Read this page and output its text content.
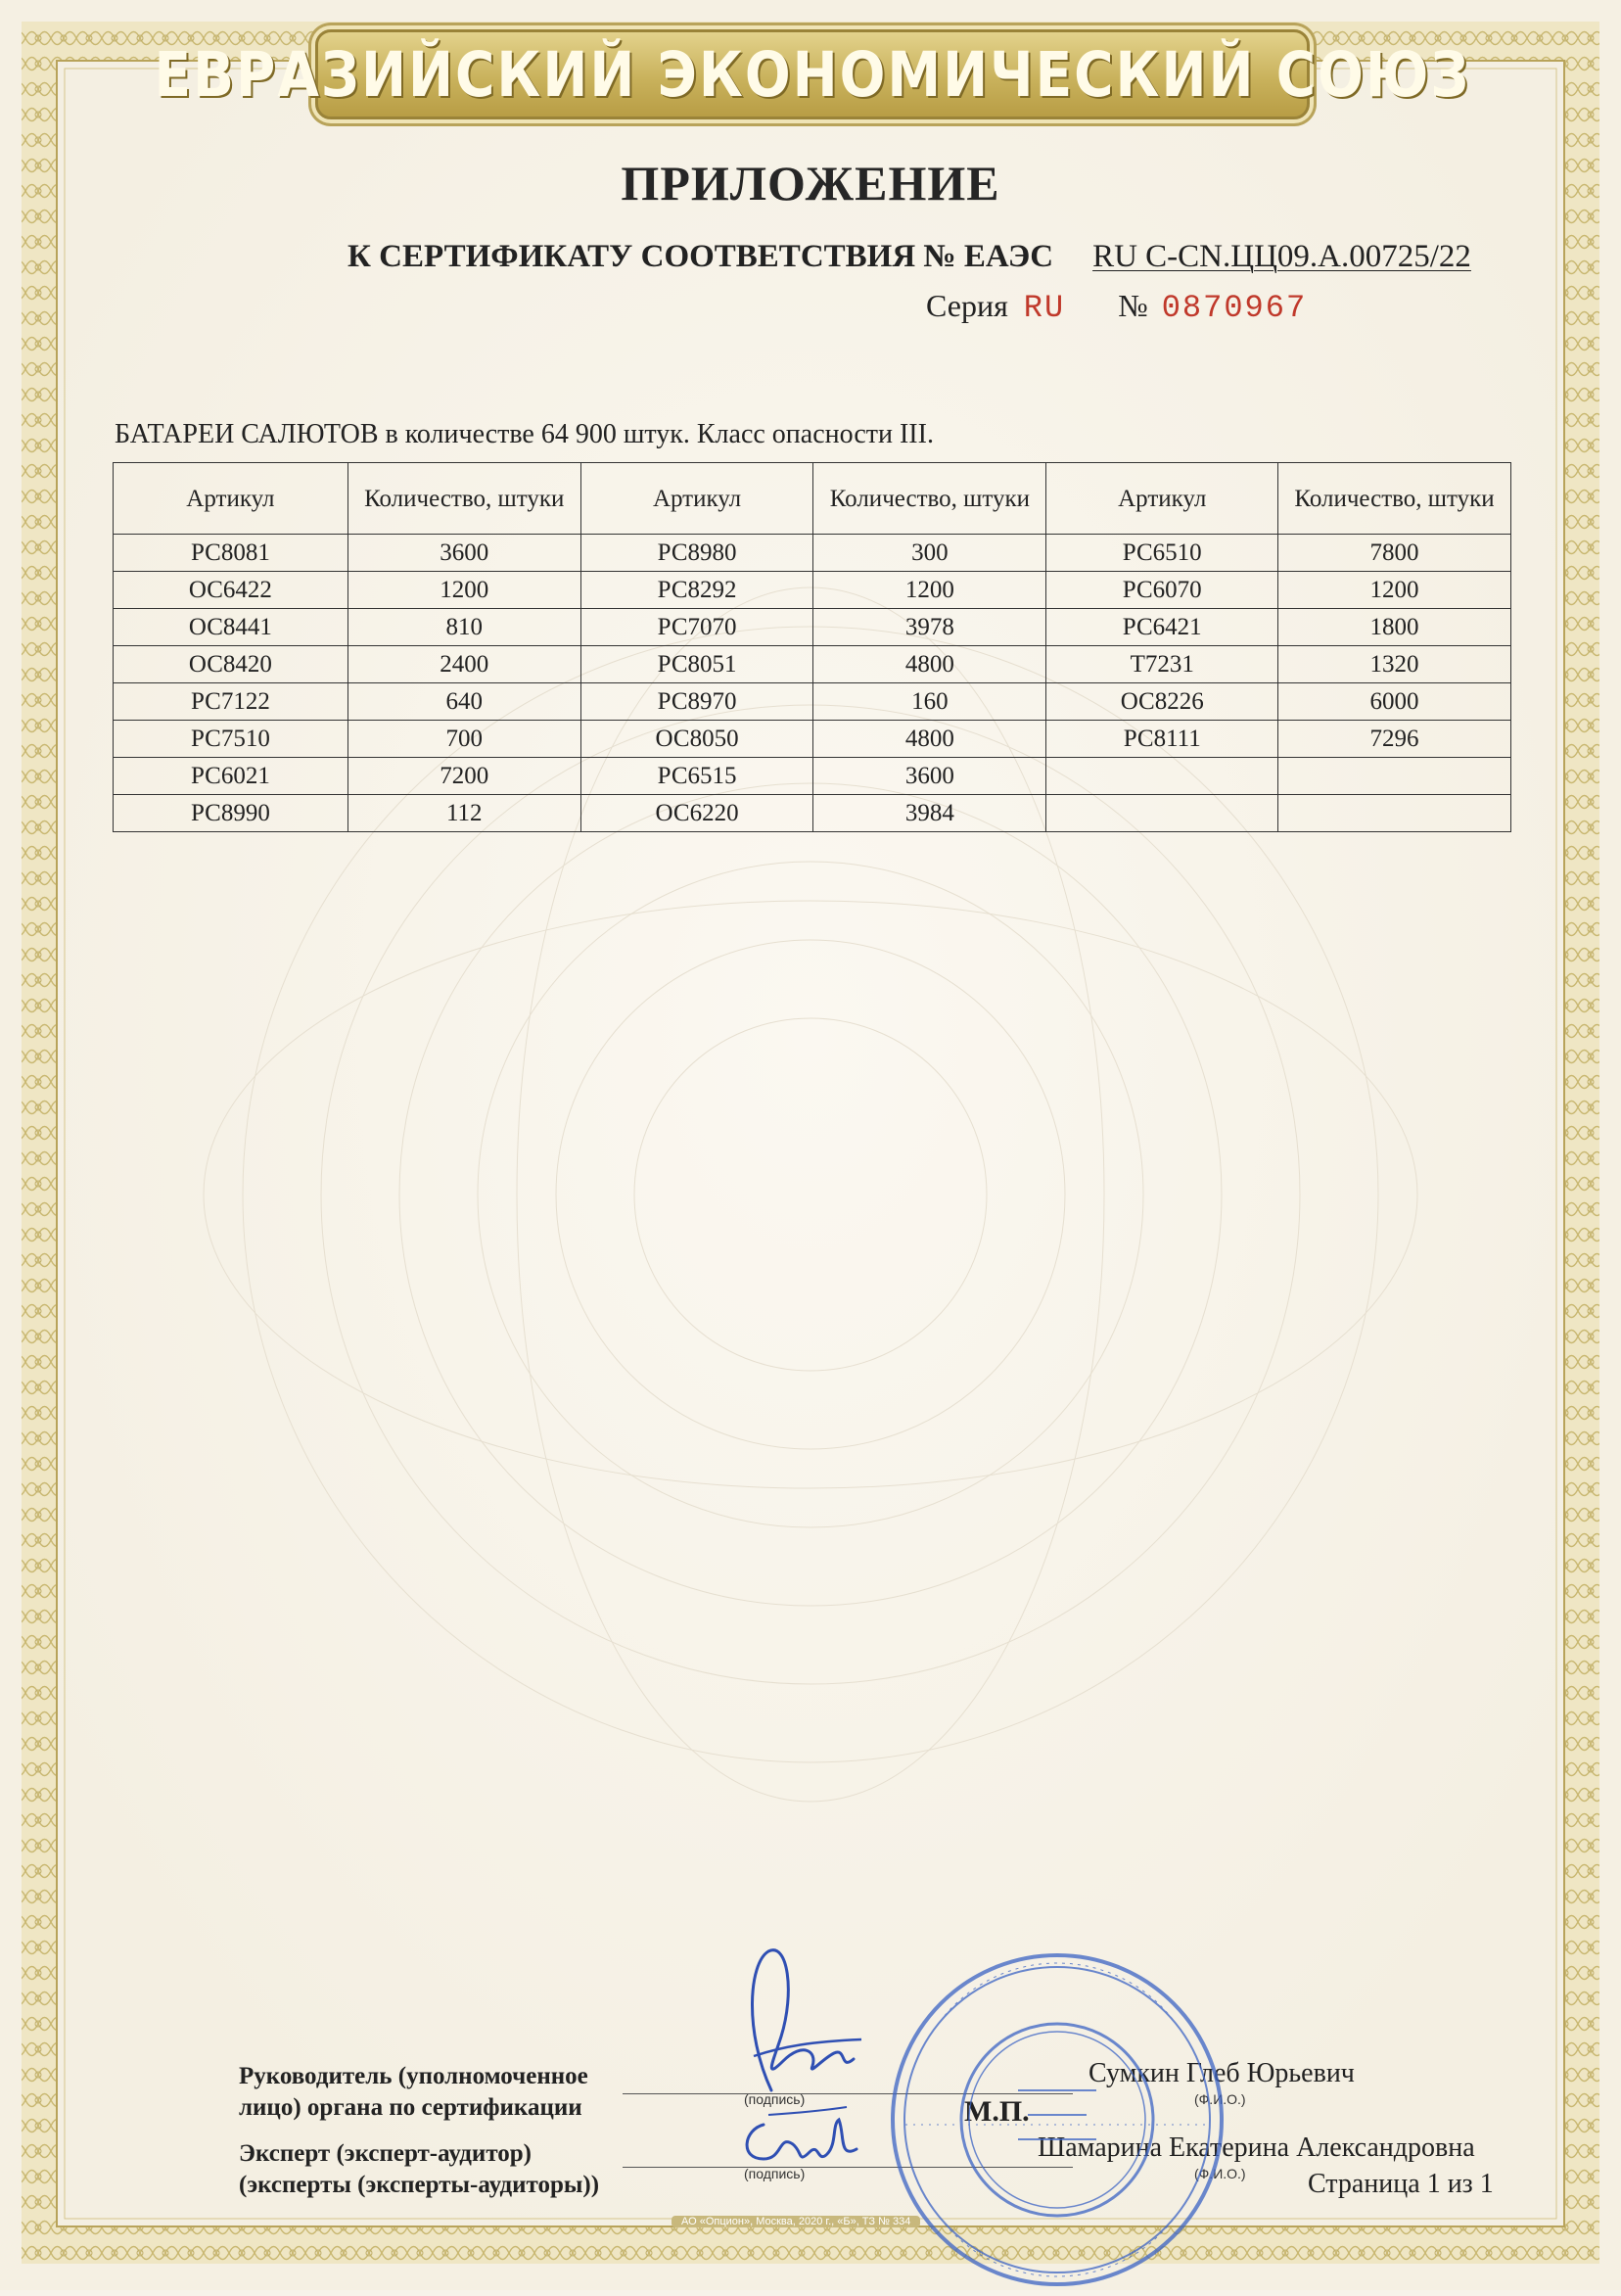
ЕВРАЗИЙСКИЙ ЭКОНОМИЧЕСКИЙ СОЮЗ
ПРИЛОЖЕНИЕ
К СЕРТИФИКАТУ СООТВЕТСТВИЯ № ЕАЭС RU C-CN.ЦЦ09.А.00725/22
Серия RU № 0870967
БАТАРЕИ САЛЮТОВ в количестве 64 900 штук. Класс опасности III.
Артикул	Количество, штуки	Артикул	Количество, штуки	Артикул	Количество, штуки
РС8081	3600	РС8980	300	РС6510	7800
ОС6422	1200	РС8292	1200	РС6070	1200
ОС8441	810	РС7070	3978	РС6421	1800
ОС8420	2400	РС8051	4800	Т7231	1320
РС7122	640	РС8970	160	ОС8226	6000
РС7510	700	ОС8050	4800	РС8111	7296
РС6021	7200	РС6515	3600		
РС8990	112	ОС6220	3984		
Руководитель (уполномоченное
лицо) органа по сертификации	(подпись)
Сумкин Глеб Юрьевич
(Ф.И.О.)
М.П.
Эксперт (эксперт-аудитор)
(эксперты (эксперты-аудиторы))	(подпись)
Шамарина Екатерина Александровна
(Ф.И.О.) Страница 1 из 1
АО «Опцион», Москва, 2020 г., «Б», ТЗ № 334
